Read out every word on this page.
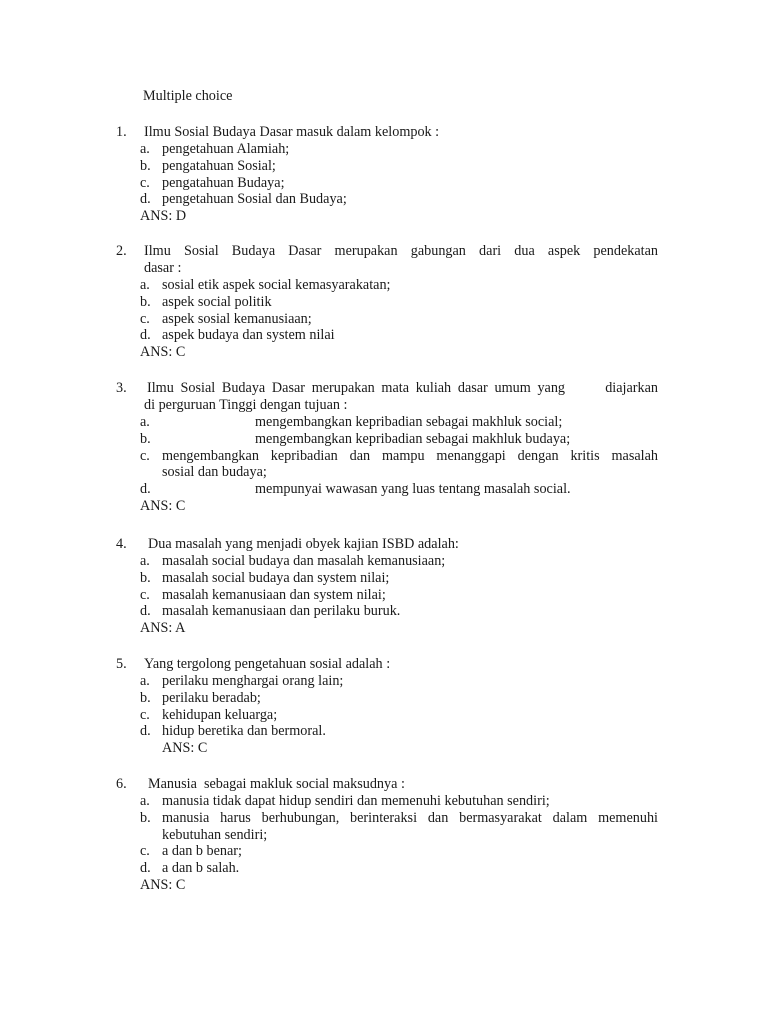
Multiple choice
1. Ilmu Sosial Budaya Dasar masuk dalam kelompok :
a. pengetahuan Alamiah;
b. pengatahuan Sosial;
c. pengatahuan Budaya;
d. pengetahuan Sosial dan Budaya;
ANS: D
2. Ilmu Sosial Budaya Dasar merupakan gabungan dari dua aspek pendekatan
dasar :
a. sosial etik aspek social kemasyarakatan;
b. aspek social politik
c. aspek sosial kemanusiaan;
d. aspek budaya dan system nilai
ANS: C
3. Ilmu Sosial Budaya Dasar merupakan mata kuliah dasar umum yang      diajarkan
di perguruan Tinggi dengan tujuan :
a.	mengembangkan kepribadian sebagai makhluk social;
b.	mengembangkan kepribadian sebagai makhluk budaya;
c. mengembangkan kepribadian dan mampu menanggapi dengan kritis masalah
sosial dan budaya;
d.	mempunyai wawasan yang luas tentang masalah social.
ANS: C
4. Dua masalah yang menjadi obyek kajian ISBD adalah:
a. masalah social budaya dan masalah kemanusiaan;
b. masalah social budaya dan system nilai;
c. masalah kemanusiaan dan system nilai;
d. masalah kemanusiaan dan perilaku buruk.
ANS: A
5. Yang tergolong pengetahuan sosial adalah :
a. perilaku menghargai orang lain;
b. perilaku beradab;
c. kehidupan keluarga;
d. hidup beretika dan bermoral.
ANS: C
6. Manusia  sebagai makluk social maksudnya :
a. manusia tidak dapat hidup sendiri dan memenuhi kebutuhan sendiri;
b. manusia harus berhubungan, berinteraksi dan bermasyarakat dalam memenuhi
kebutuhan sendiri;
c. a dan b benar;
d. a dan b salah.
ANS: C
